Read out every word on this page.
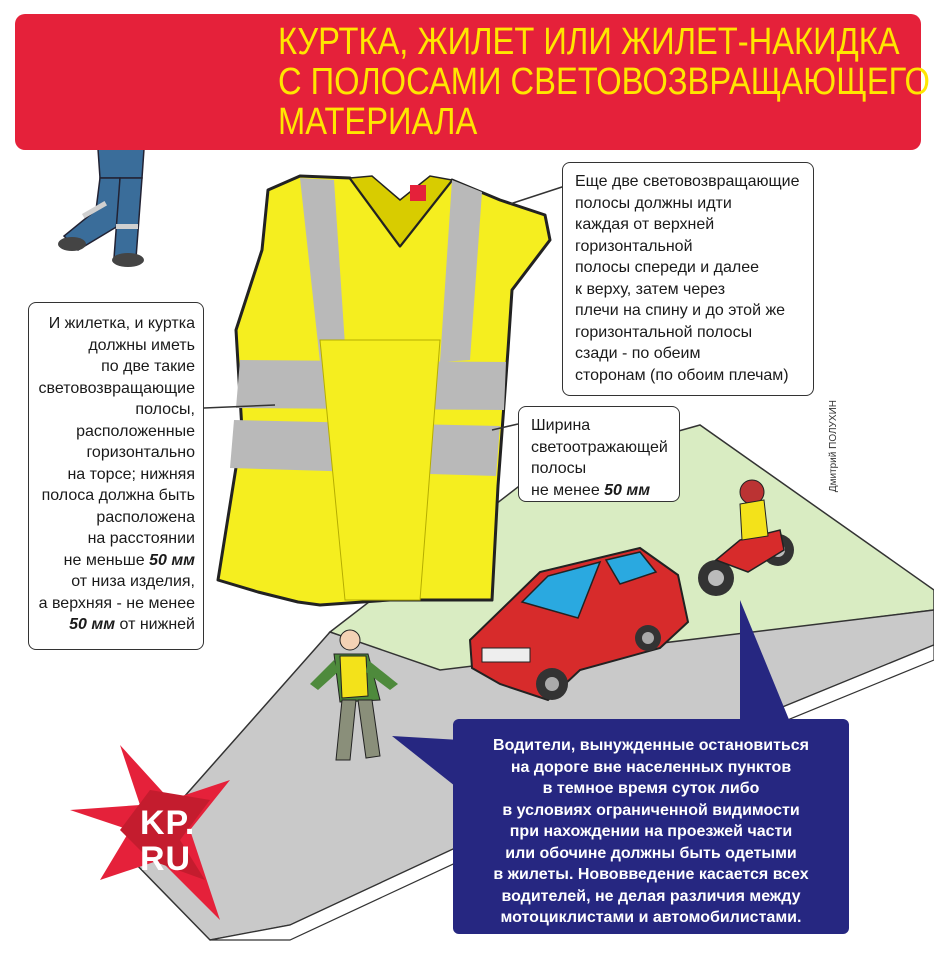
КУРТКА, ЖИЛЕТ ИЛИ ЖИЛЕТ-НАКИДКА
С ПОЛОСАМИ СВЕТОВОЗВРАЩАЮЩЕГО
МАТЕРИАЛА
Еще две световозвращающие
полосы должны идти
каждая от верхней
горизонтальной
полосы спереди и далее
к верху, затем через
плечи на спину и до этой же
горизонтальной полосы
сзади - по обеим
сторонам (по обоим плечам)
И жилетка, и куртка
должны иметь
по две такие
световозвращающие
полосы,
расположенные
горизонтально
на торсе; нижняя
полоса должна быть
расположена
на расстоянии
не меньше 50 мм
от низа изделия,
а верхняя - не менее
50 мм от нижней
Ширина
светоотражающей
полосы
не менее 50 мм	Дмитрий ПОЛУХИН
Водители, вынужденные остановиться
на дороге вне населенных пунктов
в темное время суток либо
в условиях ограниченной видимости
при нахождении на проезжей части
или обочине должны быть одетыми
в жилеты. Нововведение касается всех
водителей, не делая различия между
мотоциклистами и автомобилистами.
KP.
RU
